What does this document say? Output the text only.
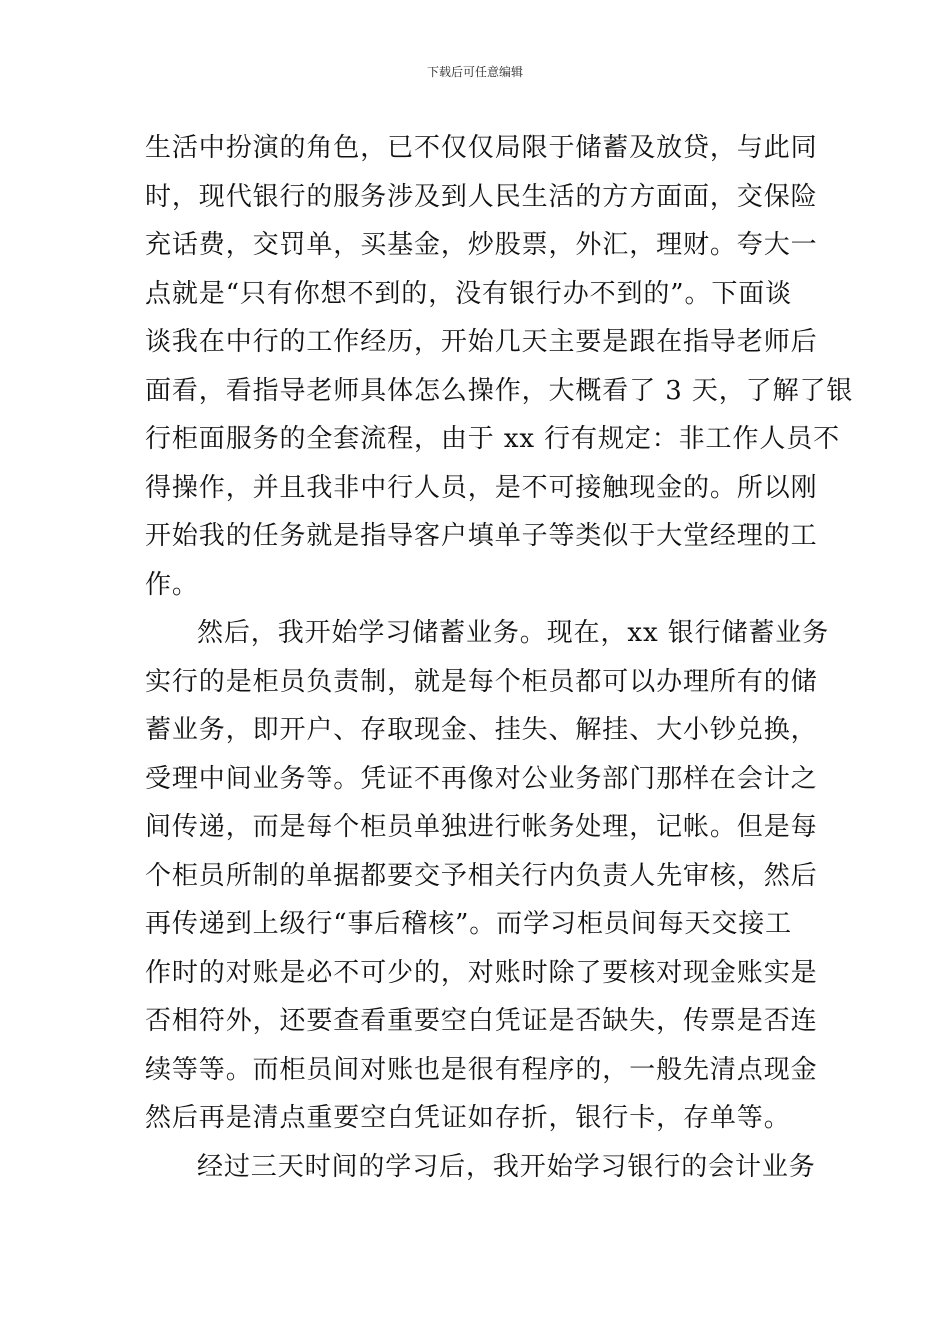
下载后可任意编辑
生活中扮演的角色，已不仅仅局限于储蓄及放贷，与此同
时，现代银行的服务涉及到人民生活的方方面面，交保险
充话费，交罚单，买基金，炒股票，外汇，理财。夸大一
点就是“只有你想不到的，没有银行办不到的”。下面谈
谈我在中行的工作经历，开始几天主要是跟在指导老师后
面看，看指导老师具体怎么操作，大概看了 3 天，了解了银
行柜面服务的全套流程，由于 xx 行有规定：非工作人员不
得操作，并且我非中行人员，是不可接触现金的。所以刚
开始我的任务就是指导客户填单子等类似于大堂经理的工
作。
然后，我开始学习储蓄业务。现在，xx 银行储蓄业务
实行的是柜员负责制，就是每个柜员都可以办理所有的储
蓄业务，即开户、存取现金、挂失、解挂、大小钞兑换，
受理中间业务等。凭证不再像对公业务部门那样在会计之
间传递，而是每个柜员单独进行帐务处理，记帐。但是每
个柜员所制的单据都要交予相关行内负责人先审核，然后
再传递到上级行“事后稽核”。而学习柜员间每天交接工
作时的对账是必不可少的，对账时除了要核对现金账实是
否相符外，还要查看重要空白凭证是否缺失，传票是否连
续等等。而柜员间对账也是很有程序的，一般先清点现金
然后再是清点重要空白凭证如存折，银行卡，存单等。
经过三天时间的学习后，我开始学习银行的会计业务
